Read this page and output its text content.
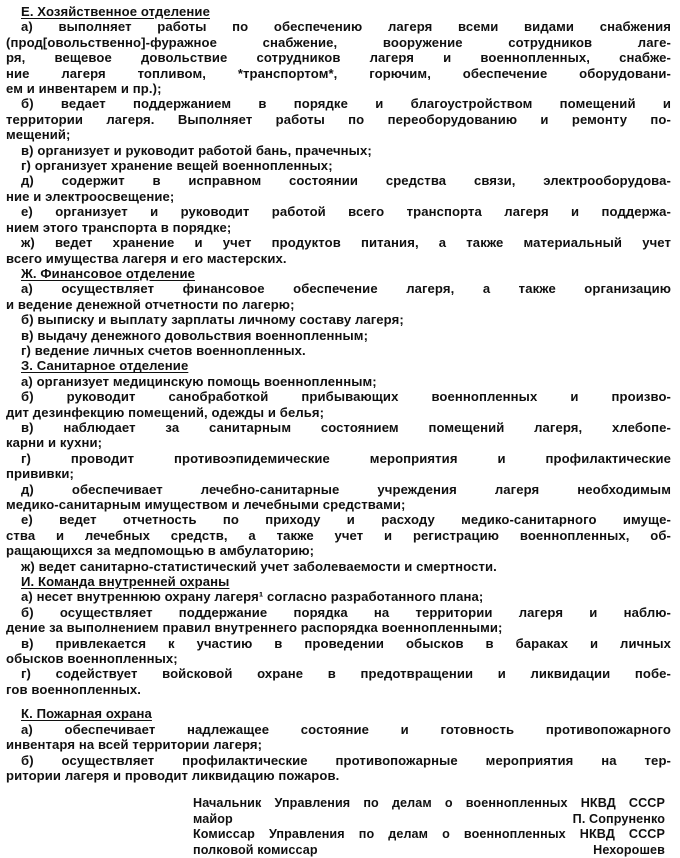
Е. Хозяйственное отделение
а) выполняет работы по обеспечению лагеря всеми видами снабжения
(прод[овольственно]-фуражное снабжение, вооружение сотрудников лаге-
ря, вещевое довольствие сотрудников лагеря и военнопленных, снабже-
ние лагеря топливом, *транспортом*, горючим, обеспечение оборудовани-
ем и инвентарем и пр.);
б) ведает поддержанием в порядке и благоустройством помещений и
территории лагеря. Выполняет работы по переоборудованию и ремонту по-
мещений;
в) организует и руководит работой бань, прачечных;
г) организует хранение вещей военнопленных;
д) содержит в исправном состоянии средства связи, электрооборудова-
ние и электроосвещение;
е) организует и руководит работой всего транспорта лагеря и поддержа-
нием этого транспорта в порядке;
ж) ведет хранение и учет продуктов питания, а также материальный учет
всего имущества лагеря и его мастерских.
Ж. Финансовое отделение
а) осуществляет финансовое обеспечение лагеря, а также организацию
и ведение денежной отчетности по лагерю;
б) выписку и выплату зарплаты личному составу лагеря;
в) выдачу денежного довольствия военнопленным;
г) ведение личных счетов военнопленных.
З. Санитарное отделение
а) организует медицинскую помощь военнопленным;
б) руководит санобработкой прибывающих военнопленных и произво-
дит дезинфекцию помещений, одежды и белья;
в) наблюдает за санитарным состоянием помещений лагеря, хлебопе-
карни и кухни;
г) проводит противоэпидемические мероприятия и профилактические
прививки;
д) обеспечивает лечебно-санитарные учреждения лагеря необходимым
медико-санитарным имуществом и лечебными средствами;
е) ведет отчетность по приходу и расходу медико-санитарного имуще-
ства и лечебных средств, а также учет и регистрацию военнопленных, об-
ращающихся за медпомощью в амбулаторию;
ж) ведет санитарно-статистический учет заболеваемости и смертности.
И. Команда внутренней охраны
а) несет внутреннюю охрану лагеря¹ согласно разработанного плана;
б) осуществляет поддержание порядка на территории лагеря и наблю-
дение за выполнением правил внутреннего распорядка военнопленными;
в) привлекается к участию в проведении обысков в бараках и личных
обысков военнопленных;
г) содействует войсковой охране в предотвращении и ликвидации побе-
гов военнопленных.
К. Пожарная охрана
а) обеспечивает надлежащее состояние и готовность противопожарного
инвентаря на всей территории лагеря;
б) осуществляет профилактические противопожарные мероприятия на тер-
ритории лагеря и проводит ликвидацию пожаров.
Начальник Управления по делам о военнопленных НКВД СССР
майор	П. Сопруненко
Комиссар Управления по делам о военнопленных НКВД СССР
полковой комиссар	Нехорошев
